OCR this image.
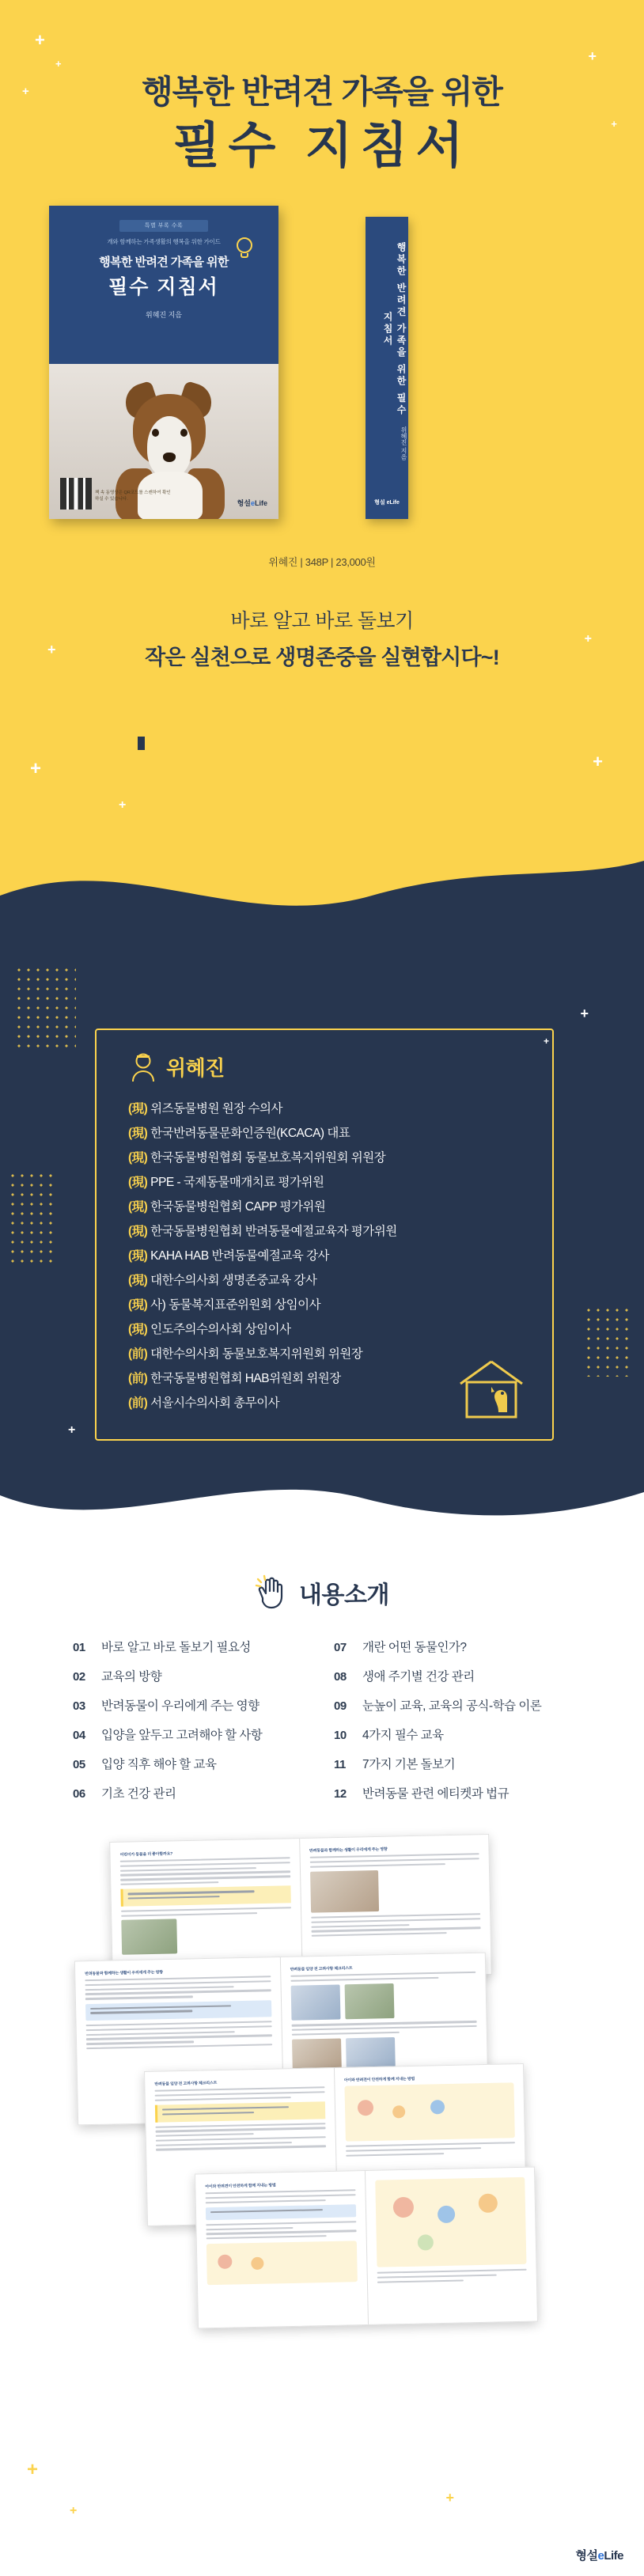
+
+
+
+
+
+
+
+
+
+
+
행복한 반려견 가족을 위한
필수 지침서
특별 부록 수록
개와 함께하는 가족생활의 행복을 위한 가이드
행복한 반려견 가족을 위한
필수 지침서
위혜진 지음
책 속 동영상은 QR코드를 스캔하여 확인하실 수 있습니다.	형설eLife
행복한 반려견 가족을 위한 필수 지침서
위혜진 지음
형설 eLife
위혜진 | 348P | 23,000원
바로 알고 바로 돌보기
작은 실천으로 생명존중을 실현합시다~!
+
+
+
위혜진
(現) 위즈동물병원 원장 수의사
(現) 한국반려동물문화인증원(KCACA) 대표
(現) 한국동물병원협회 동물보호복지위원회 위원장
(現) PPE - 국제동물매개치료 평가위원
(現) 한국동물병원협회 CAPP 평가위원
(現) 한국동물병원협회 반려동물예절교육자 평가위원
(現) KAHA HAB 반려동물예절교육 강사
(現) 대한수의사회 생명존중교육 강사
(現) 사) 동물복지표준위원회 상임이사
(現) 인도주의수의사회 상임이사
(前) 대한수의사회 동물보호복지위원회 위원장
(前) 한국동물병원협회 HAB위원회 위원장
(前) 서울시수의사회 총무이사
내용소개
01	바로 알고 바로 돌보기 필요성	07	개란 어떤 동물인가?
02	교육의 방향	08	생애 주기별 건강 관리
03	반려동물이 우리에게 주는 영향	09	눈높이 교육, 교육의 공식-학습 이론
04	입양을 앞두고 고려해야 할 사항	10	4가지 필수 교육
05	입양 직후 해야 할 교육	11	7가지 기본 돌보기
06	기초 건강 관리	12	반려동물 관련 에티켓과 법규
어린이가 동물을 더 좋아할까요?
반려동물과 함께하는 생활이 우리에게 주는 영향
반려동물과 함께하는 생활이 우리에게 주는 영향
반려동물 입양 전 고려사항 체크리스트
반려동물 입양 전 고려사항 체크리스트
아이와 반려견이 안전하게 함께 지내는 방법
아이와 반려견이 안전하게 함께 지내는 방법
+
+
+
형설eLife
